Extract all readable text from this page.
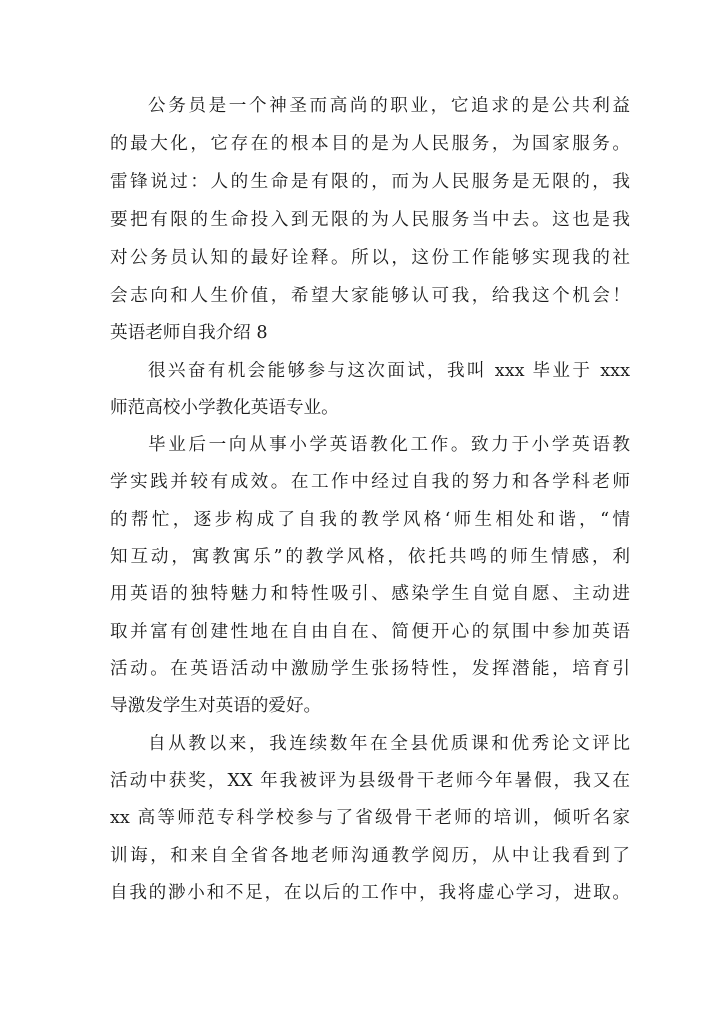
公务员是一个神圣而高尚的职业，它追求的是公共利益
的最大化，它存在的根本目的是为人民服务，为国家服务。
雷锋说过：人的生命是有限的，而为人民服务是无限的，我
要把有限的生命投入到无限的为人民服务当中去。这也是我
对公务员认知的最好诠释。所以，这份工作能够实现我的社
会志向和人生价值，希望大家能够认可我，给我这个机会！
英语老师自我介绍 8
很兴奋有机会能够参与这次面试，我叫 xxx 毕业于 xxx
师范高校小学教化英语专业。
毕业后一向从事小学英语教化工作。致力于小学英语教
学实践并较有成效。在工作中经过自我的努力和各学科老师
的帮忙，逐步构成了自我的教学风格‘师生相处和谐，“情
知互动，寓教寓乐”的教学风格，依托共鸣的师生情感，利
用英语的独特魅力和特性吸引、感染学生自觉自愿、主动进
取并富有创建性地在自由自在、简便开心的氛围中参加英语
活动。在英语活动中激励学生张扬特性，发挥潜能，培育引
导激发学生对英语的爱好。
自从教以来，我连续数年在全县优质课和优秀论文评比
活动中获奖，XX 年我被评为县级骨干老师今年暑假，我又在
xx 高等师范专科学校参与了省级骨干老师的培训，倾听名家
训诲，和来自全省各地老师沟通教学阅历，从中让我看到了
自我的渺小和不足，在以后的工作中，我将虚心学习，进取。
